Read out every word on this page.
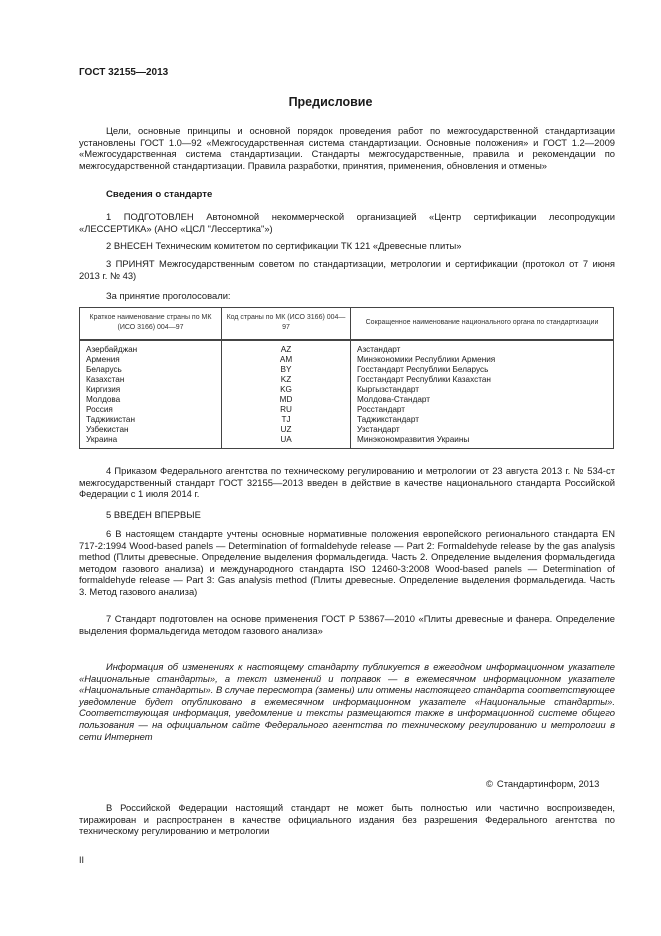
ГОСТ 32155—2013
Предисловие
Цели, основные принципы и основной порядок проведения работ по межгосударственной стандартизации установлены ГОСТ 1.0—92 «Межгосударственная система стандартизации. Основные положения» и ГОСТ 1.2—2009 «Межгосударственная система стандартизации. Стандарты межгосударственные, правила и рекомендации по межгосударственной стандартизации. Правила разработки, принятия, применения, обновления и отмены»
Сведения о стандарте
1 ПОДГОТОВЛЕН Автономной некоммерческой организацией «Центр сертификации лесопродукции «ЛЕССЕРТИКА» (АНО «ЦСЛ "Лессертика"»)
2 ВНЕСЕН Техническим комитетом по сертификации ТК 121 «Древесные плиты»
3 ПРИНЯТ Межгосударственным советом по стандартизации, метрологии и сертификации (протокол от 7 июня 2013 г. № 43)
За принятие проголосовали:
Краткое наименование страны по МК (ИСО 3166) 004—97	Код страны по МК (ИСО 3166) 004—97	Сокращенное наименование национального органа по стандартизации
Азербайджан	AZ	Азстандарт
Армения	AM	Минэкономики Республики Армения
Беларусь	BY	Госстандарт Республики Беларусь
Казахстан	KZ	Госстандарт Республики Казахстан
Киргизия	KG	Кыргызстандарт
Молдова	MD	Молдова-Стандарт
Россия	RU	Росстандарт
Таджикистан	TJ	Таджикстандарт
Узбекистан	UZ	Узстандарт
Украина	UA	Минэкономразвития Украины
4 Приказом Федерального агентства по техническому регулированию и метрологии от 23 августа 2013 г. № 534-ст межгосударственный стандарт ГОСТ 32155—2013 введен в действие в качестве национального стандарта Российской Федерации с 1 июля 2014 г.
5 ВВЕДЕН ВПЕРВЫЕ
6 В настоящем стандарте учтены основные нормативные положения европейского регионального стандарта EN 717-2:1994 Wood-based panels — Determination of formaldehyde release — Part 2: Formaldehyde release by the gas analysis method (Плиты древесные. Определение выделения формальдегида. Часть 2. Определение выделения формальдегида методом газового анализа) и международного стандарта ISO 12460-3:2008 Wood-based panels — Determination of formaldehyde release — Part 3: Gas analysis method (Плиты древесные. Определение выделения формальдегида. Часть 3. Метод газового анализа)
7 Стандарт подготовлен на основе применения ГОСТ Р 53867—2010 «Плиты древесные и фанера. Определение выделения формальдегида методом газового анализа»
Информация об изменениях к настоящему стандарту публикуется в ежегодном информационном указателе «Национальные стандарты», а текст изменений и поправок — в ежемесячном информационном указателе «Национальные стандарты». В случае пересмотра (замены) или отмены настоящего стандарта соответствующее уведомление будет опубликовано в ежемесячном информационном указателе «Национальные стандарты». Соответствующая информация, уведомление и тексты размещаются также в информационной системе общего пользования — на официальном сайте Федерального агентства по техническому регулированию и метрологии в сети Интернет
© Стандартинформ, 2013
В Российской Федерации настоящий стандарт не может быть полностью или частично воспроизведен, тиражирован и распространен в качестве официального издания без разрешения Федерального агентства по техническому регулированию и метрологии
II
